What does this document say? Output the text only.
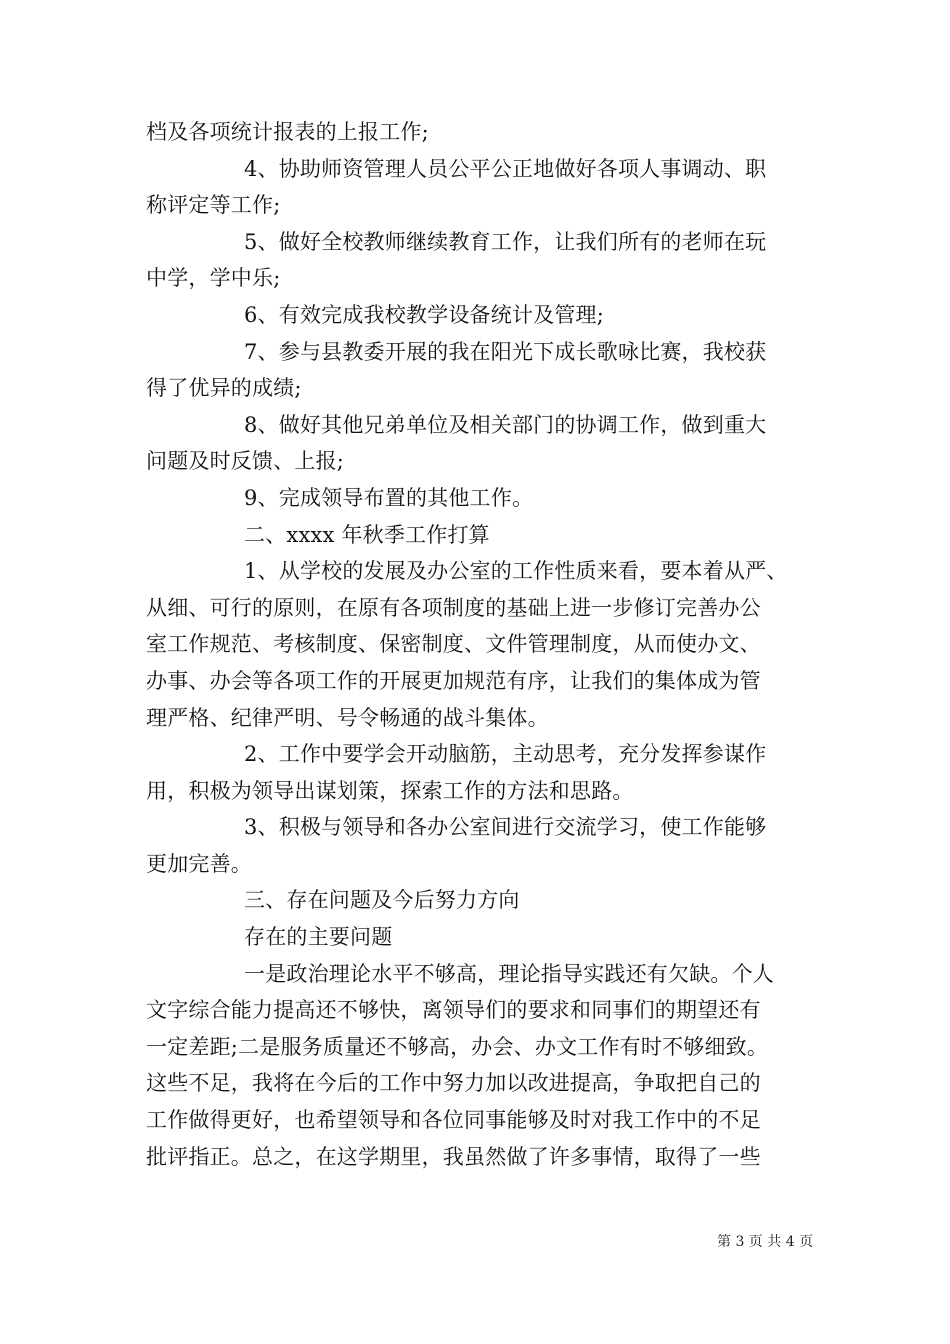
档及各项统计报表的上报工作;
4、协助师资管理人员公平公正地做好各项人事调动、职
称评定等工作;
5、做好全校教师继续教育工作，让我们所有的老师在玩
中学，学中乐;
6、有效完成我校教学设备统计及管理;
7、参与县教委开展的我在阳光下成长歌咏比赛，我校获
得了优异的成绩;
8、做好其他兄弟单位及相关部门的协调工作，做到重大
问题及时反馈、上报;
9、完成领导布置的其他工作。
二、xxxx 年秋季工作打算
1、从学校的发展及办公室的工作性质来看，要本着从严、
从细、可行的原则，在原有各项制度的基础上进一步修订完善办公
室工作规范、考核制度、保密制度、文件管理制度，从而使办文、
办事、办会等各项工作的开展更加规范有序，让我们的集体成为管
理严格、纪律严明、号令畅通的战斗集体。
2、工作中要学会开动脑筋，主动思考，充分发挥参谋作
用，积极为领导出谋划策，探索工作的方法和思路。
3、积极与领导和各办公室间进行交流学习，使工作能够
更加完善。
三、存在问题及今后努力方向
存在的主要问题
一是政治理论水平不够高，理论指导实践还有欠缺。个人
文字综合能力提高还不够快，离领导们的要求和同事们的期望还有
一定差距;二是服务质量还不够高，办会、办文工作有时不够细致。
这些不足，我将在今后的工作中努力加以改进提高，争取把自己的
工作做得更好，也希望领导和各位同事能够及时对我工作中的不足
批评指正。总之，在这学期里，我虽然做了许多事情，取得了一些
第 3 页 共 4 页
